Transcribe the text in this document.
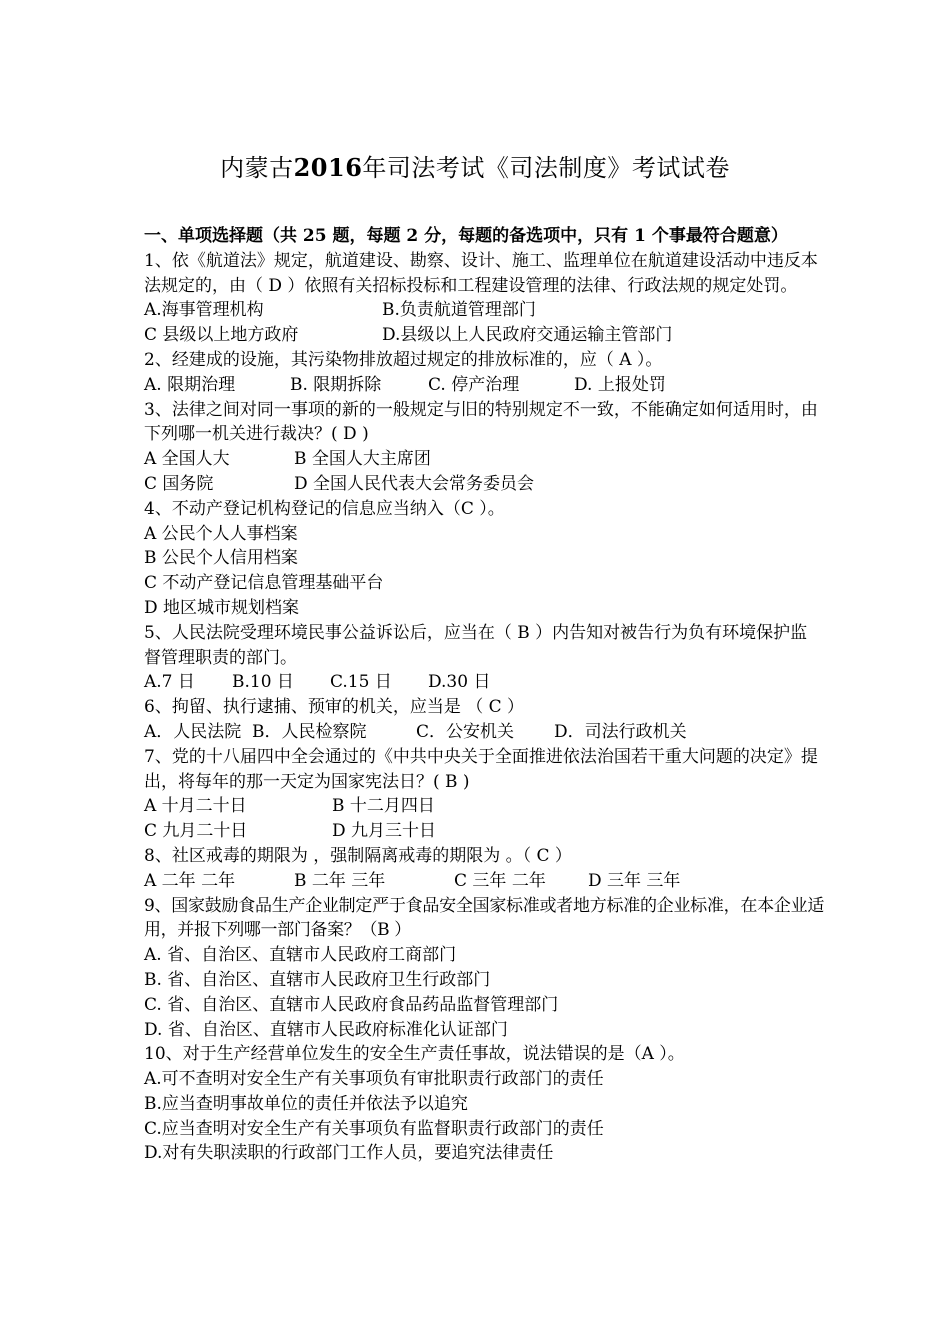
内蒙古2016年司法考试《司法制度》考试试卷

一、单项选择题（共 25 题，每题 2 分，每题的备选项中，只有 1 个事最符合题意）

1、依《航道法》规定，航道建设、勘察、设计、施工、监理单位在航道建设活动中违反本法规定的，由（ D ）依照有关招标投标和工程建设管理的法律、行政法规的规定处罚。

A.海事管理机构	B.负责航道管理部门
C 县级以上地方政府	D.县级以上人民政府交通运输主管部门

2、经建成的设施，其污染物排放超过规定的排放标准的，应（ A ）。

A. 限期治理	B. 限期拆除	C. 停产治理	D. 上报处罚

3、法律之间对同一事项的新的一般规定与旧的特别规定不一致，不能确定如何适用时，由下列哪一机关进行裁决？( D )

A 全国人大	B 全国人大主席团
C 国务院	D 全国人民代表大会常务委员会

4、不动产登记机构登记的信息应当纳入（C ）。

A 公民个人人事档案
B 公民个人信用档案
C 不动产登记信息管理基础平台
D 地区城市规划档案

5、人民法院受理环境民事公益诉讼后，应当在（ B ）内告知对被告行为负有环境保护监督管理职责的部门。

A.7 日 B.10 日 C.15 日 D.30 日

6、拘留、执行逮捕、预审的机关，应当是 （ C ）

A．人民法院 B．人民检察院	C．公安机关 D．司法行政机关

7、党的十八届四中全会通过的《中共中央关于全面推进依法治国若干重大问题的决定》提出，将每年的那一天定为国家宪法日？( B )

A 十月二十日	B 十二月四日
C 九月二十日	D 九月三十日

8、社区戒毒的期限为 ，强制隔离戒毒的期限为 。（ C ）

A 二年 二年	B 二年 三年	C 三年 二年 D 三年 三年

9、国家鼓励食品生产企业制定严于食品安全国家标准或者地方标准的企业标准，在本企业适用，并报下列哪一部门备案？（B ）

A. 省、自治区、直辖市人民政府工商部门
B. 省、自治区、直辖市人民政府卫生行政部门
C. 省、自治区、直辖市人民政府食品药品监督管理部门
D. 省、自治区、直辖市人民政府标准化认证部门

10、对于生产经营单位发生的安全生产责任事故，说法错误的是（A ）。

A.可不查明对安全生产有关事项负有审批职责行政部门的责任
B.应当查明事故单位的责任并依法予以追究
C.应当查明对安全生产有关事项负有监督职责行政部门的责任
D.对有失职渎职的行政部门工作人员，要追究法律责任
